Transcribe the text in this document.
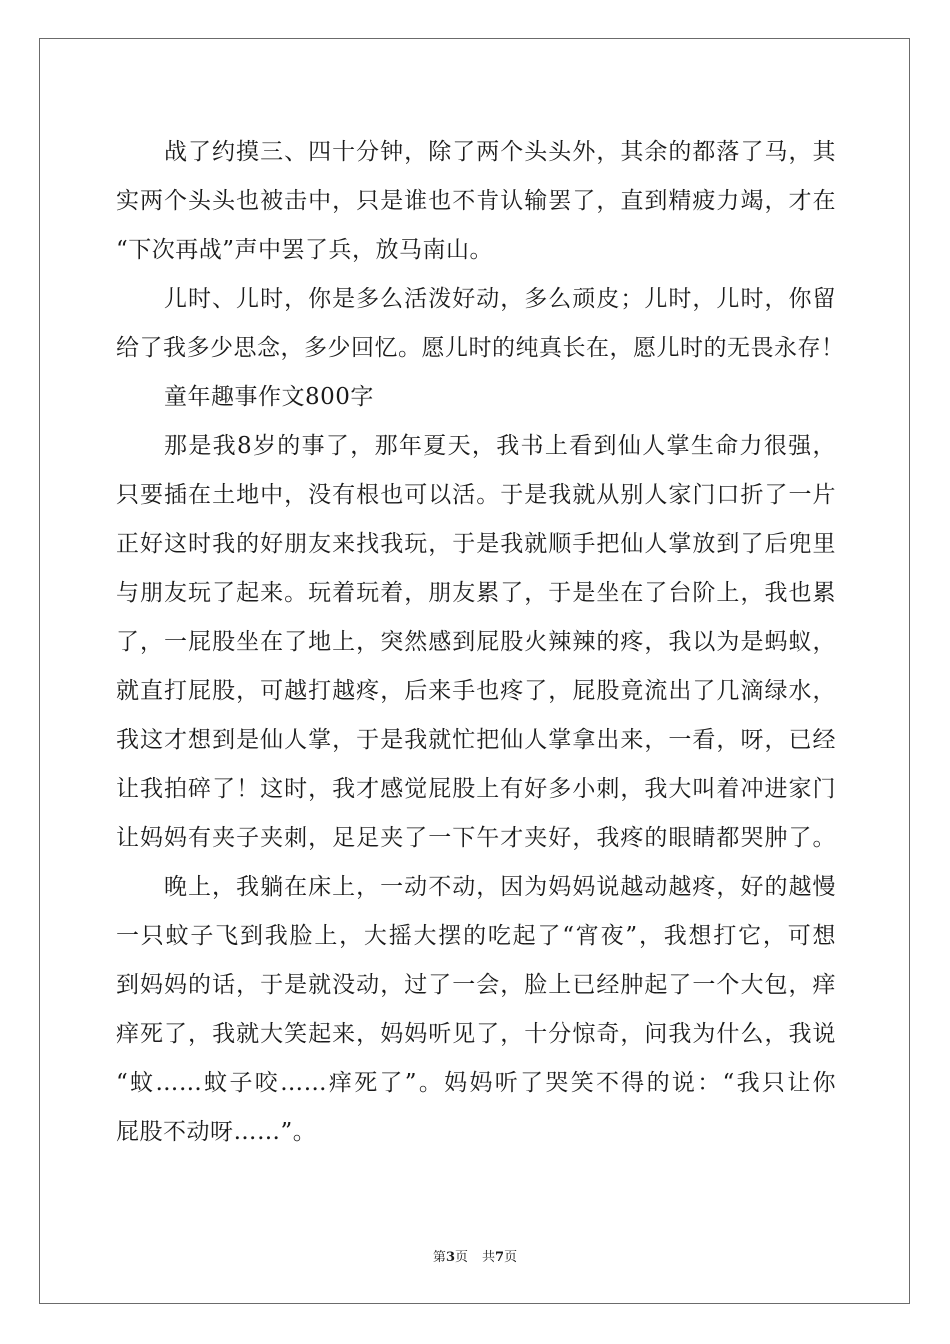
战了约摸三、四十分钟，除了两个头头外，其余的都落了马，其
实两个头头也被击中，只是谁也不肯认输罢了，直到精疲力竭，才在
“下次再战”声中罢了兵，放马南山。
儿时、儿时，你是多么活泼好动，多么顽皮；儿时，儿时，你留
给了我多少思念，多少回忆。愿儿时的纯真长在，愿儿时的无畏永存！
童年趣事作文800字
那是我8岁的事了，那年夏天，我书上看到仙人掌生命力很强，
只要插在土地中，没有根也可以活。于是我就从别人家门口折了一片
正好这时我的好朋友来找我玩，于是我就顺手把仙人掌放到了后兜里
与朋友玩了起来。玩着玩着，朋友累了，于是坐在了台阶上，我也累
了，一屁股坐在了地上，突然感到屁股火辣辣的疼，我以为是蚂蚁，
就直打屁股，可越打越疼，后来手也疼了，屁股竟流出了几滴绿水，
我这才想到是仙人掌，于是我就忙把仙人掌拿出来，一看，呀，已经
让我拍碎了！这时，我才感觉屁股上有好多小刺，我大叫着冲进家门
让妈妈有夹子夹刺，足足夹了一下午才夹好，我疼的眼睛都哭肿了。
晚上，我躺在床上，一动不动，因为妈妈说越动越疼，好的越慢
一只蚊子飞到我脸上，大摇大摆的吃起了“宵夜”，我想打它，可想
到妈妈的话，于是就没动，过了一会，脸上已经肿起了一个大包，痒
痒死了，我就大笑起来，妈妈听见了，十分惊奇，问我为什么，我说
“蚊……蚊子咬……痒死了”。妈妈听了哭笑不得的说：“我只让你
屁股不动呀……”。
第3页 共7页
